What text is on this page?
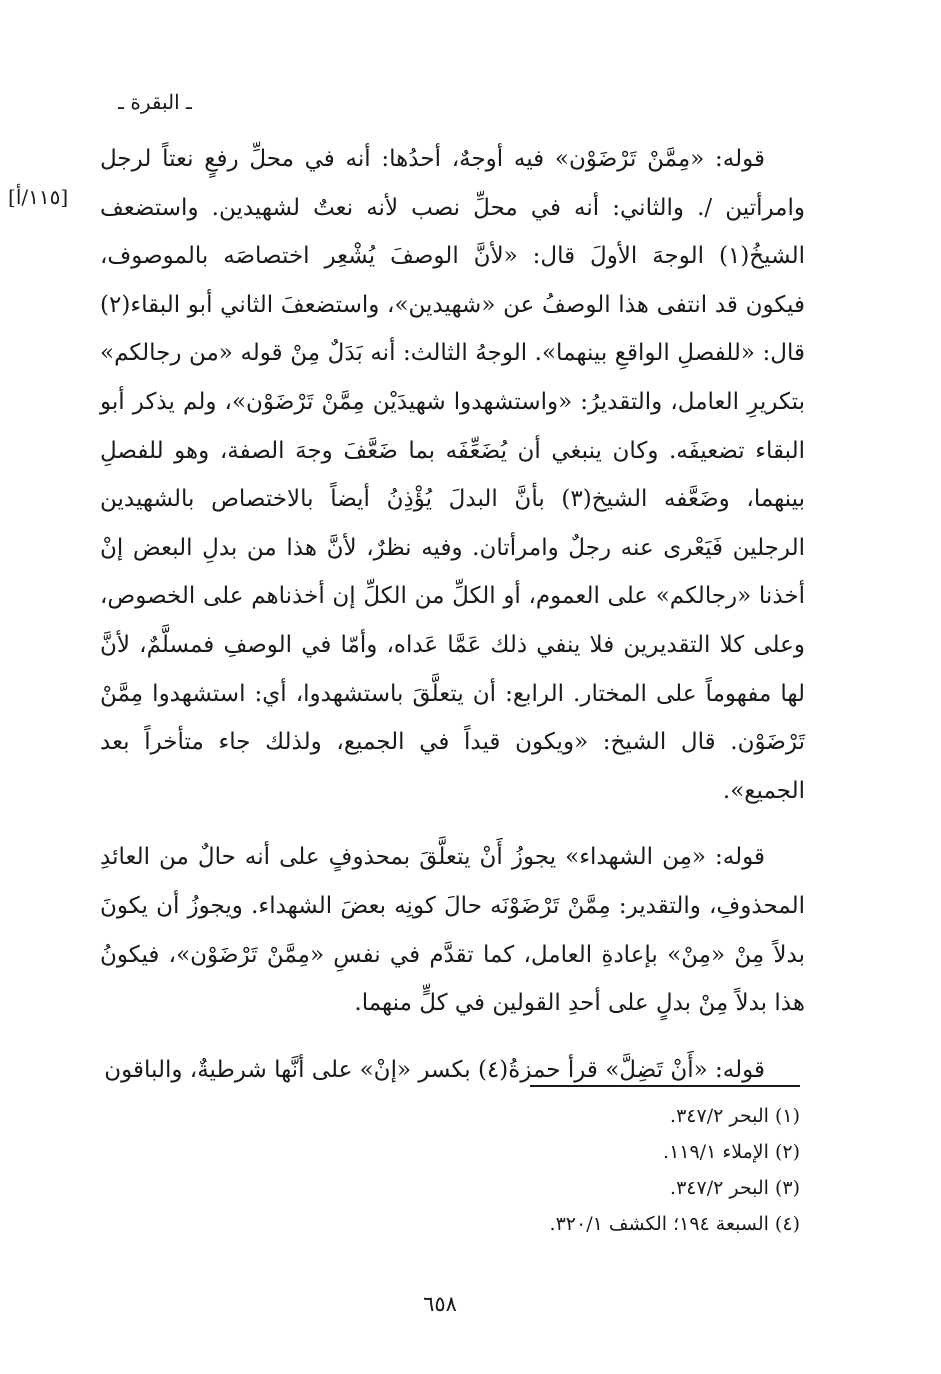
ـ البقرة ـ
[١١٥/أ]

قوله: «مِمَّنْ تَرْضَوْن» فيه أوجهٌ، أحدُها: أنه في محلِّ رفعٍ نعتاً لرجل وامرأتين /. والثاني: أنه في محلِّ نصب لأنه نعتٌ لشهيدين. واستضعف الشيخُ(١) الوجهَ الأولَ قال: «لأنَّ الوصفَ يُشْعِر اختصاصَه بالموصوف، فيكون قد انتفى هذا الوصفُ عن «شهيدين»، واستضعفَ الثاني أبو البقاء(٢) قال: «للفصلِ الواقعِ بينهما». الوجهُ الثالث: أنه بَدَلٌ مِنْ قوله «من رجالكم» بتكريرِ العامل، والتقديرُ: «واستشهدوا شهيدَيْن مِمَّنْ تَرْضَوْن»، ولم يذكر أبو البقاء تضعيفَه. وكان ينبغي أن يُضَعِّفَه بما ضَعَّفَ وجهَ الصفة، وهو للفصلِ بينهما، وضَعَّفه الشيخ(٣) بأنَّ البدلَ يُؤْذِنُ أيضاً بالاختصاص بالشهيدين الرجلين فَيَعْرى عنه رجلٌ وامرأتان. وفيه نظرٌ، لأنَّ هذا من بدلِ البعض إنْ أخذنا «رجالكم» على العموم، أو الكلِّ من الكلِّ إن أخذناهم على الخصوص، وعلى كلا التقديرين فلا ينفي ذلك عَمَّا عَداه، وأمّا في الوصفِ فمسلَّمٌ، لأنَّ لها مفهوماً على المختار. الرابع: أن يتعلَّقَ باستشهدوا، أي: استشهدوا مِمَّنْ تَرْضَوْن. قال الشيخ: «ويكون قيداً في الجميع، ولذلك جاء متأخراً بعد الجميع».

قوله: «مِن الشهداء» يجوزُ أَنْ يتعلَّقَ بمحذوفٍ على أنه حالٌ من العائدِ المحذوفِ، والتقدير: مِمَّنْ تَرْضَوْنَه حالَ كونِه بعضَ الشهداء. ويجوزُ أن يكونَ بدلاً مِنْ «مِنْ» بإعادةِ العامل، كما تقدَّم في نفسِ «مِمَّنْ تَرْضَوْن»، فيكونُ هذا بدلاً مِنْ بدلٍ على أحدِ القولين في كلٍّ منهما.

قوله: «أَنْ تَضِلَّ» قرأ حمزةُ(٤) بكسر «إنْ» على أنَّها شرطيةٌ، والباقون

(١) البحر ٣٤٧/٢.

(٢) الإملاء ١١٩/١.

(٣) البحر ٣٤٧/٢.

(٤) السبعة ١٩٤؛ الكشف ٣٢٠/١.

٦٥٨
